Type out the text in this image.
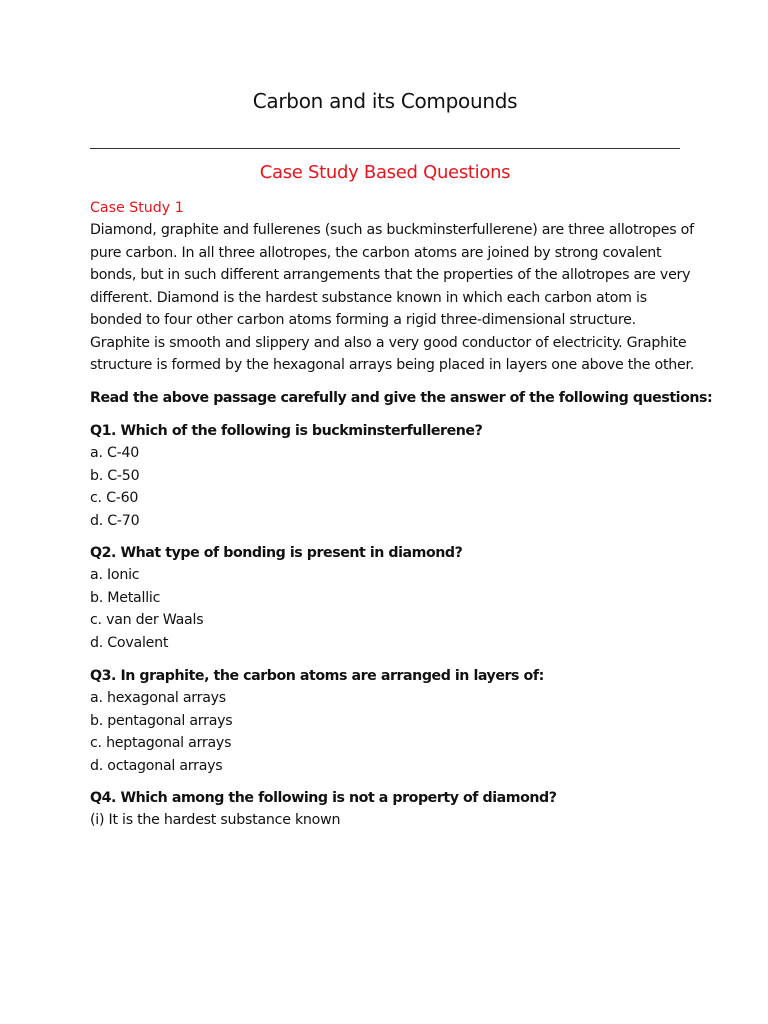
Carbon and its Compounds
Case Study Based Questions
Case Study 1

Diamond, graphite and fullerenes (such as buckminsterfullerene) are three allotropes of
pure carbon. In all three allotropes, the carbon atoms are joined by strong covalent
bonds, but in such different arrangements that the properties of the allotropes are very
different. Diamond is the hardest substance known in which each carbon atom is
bonded to four other carbon atoms forming a rigid three-dimensional structure.
Graphite is smooth and slippery and also a very good conductor of electricity. Graphite
structure is formed by the hexagonal arrays being placed in layers one above the other.

Read the above passage carefully and give the answer of the following questions:
Q1. Which of the following is buckminsterfullerene?
a. C-40
b. C-50
c. C-60
d. C-70
Q2. What type of bonding is present in diamond?
a. Ionic
b. Metallic
c. van der Waals
d. Covalent
Q3. In graphite, the carbon atoms are arranged in layers of:
a. hexagonal arrays
b. pentagonal arrays
c. heptagonal arrays
d. octagonal arrays
Q4. Which among the following is not a property of diamond?
(i) It is the hardest substance known
